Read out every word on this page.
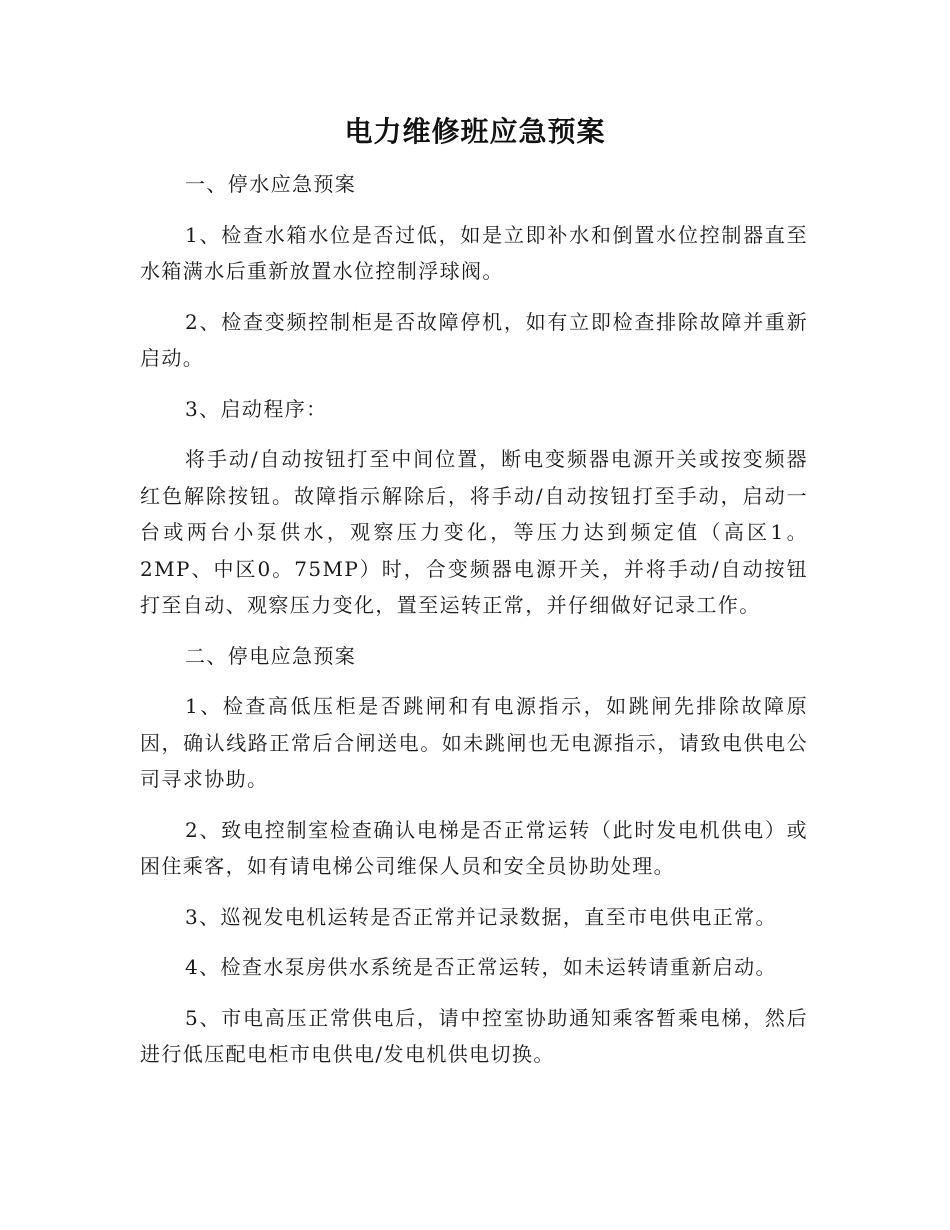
电力维修班应急预案

一、停水应急预案

1、检查水箱水位是否过低，如是立即补水和倒置水位控制器直至水箱满水后重新放置水位控制浮球阀。

2、检查变频控制柜是否故障停机，如有立即检查排除故障并重新启动。

3、启动程序：

将手动/自动按钮打至中间位置，断电变频器电源开关或按变频器红色解除按钮。故障指示解除后，将手动/自动按钮打至手动，启动一台或两台小泵供水，观察压力变化，等压力达到频定值（高区1。2MP、中区0。75MP）时，合变频器电源开关，并将手动/自动按钮打至自动、观察压力变化，置至运转正常，并仔细做好记录工作。

二、停电应急预案

1、检查高低压柜是否跳闸和有电源指示，如跳闸先排除故障原因，确认线路正常后合闸送电。如未跳闸也无电源指示，请致电供电公司寻求协助。

2、致电控制室检查确认电梯是否正常运转（此时发电机供电）或困住乘客，如有请电梯公司维保人员和安全员协助处理。

3、巡视发电机运转是否正常并记录数据，直至市电供电正常。

4、检查水泵房供水系统是否正常运转，如未运转请重新启动。

5、市电高压正常供电后，请中控室协助通知乘客暂乘电梯，然后进行低压配电柜市电供电/发电机供电切换。
